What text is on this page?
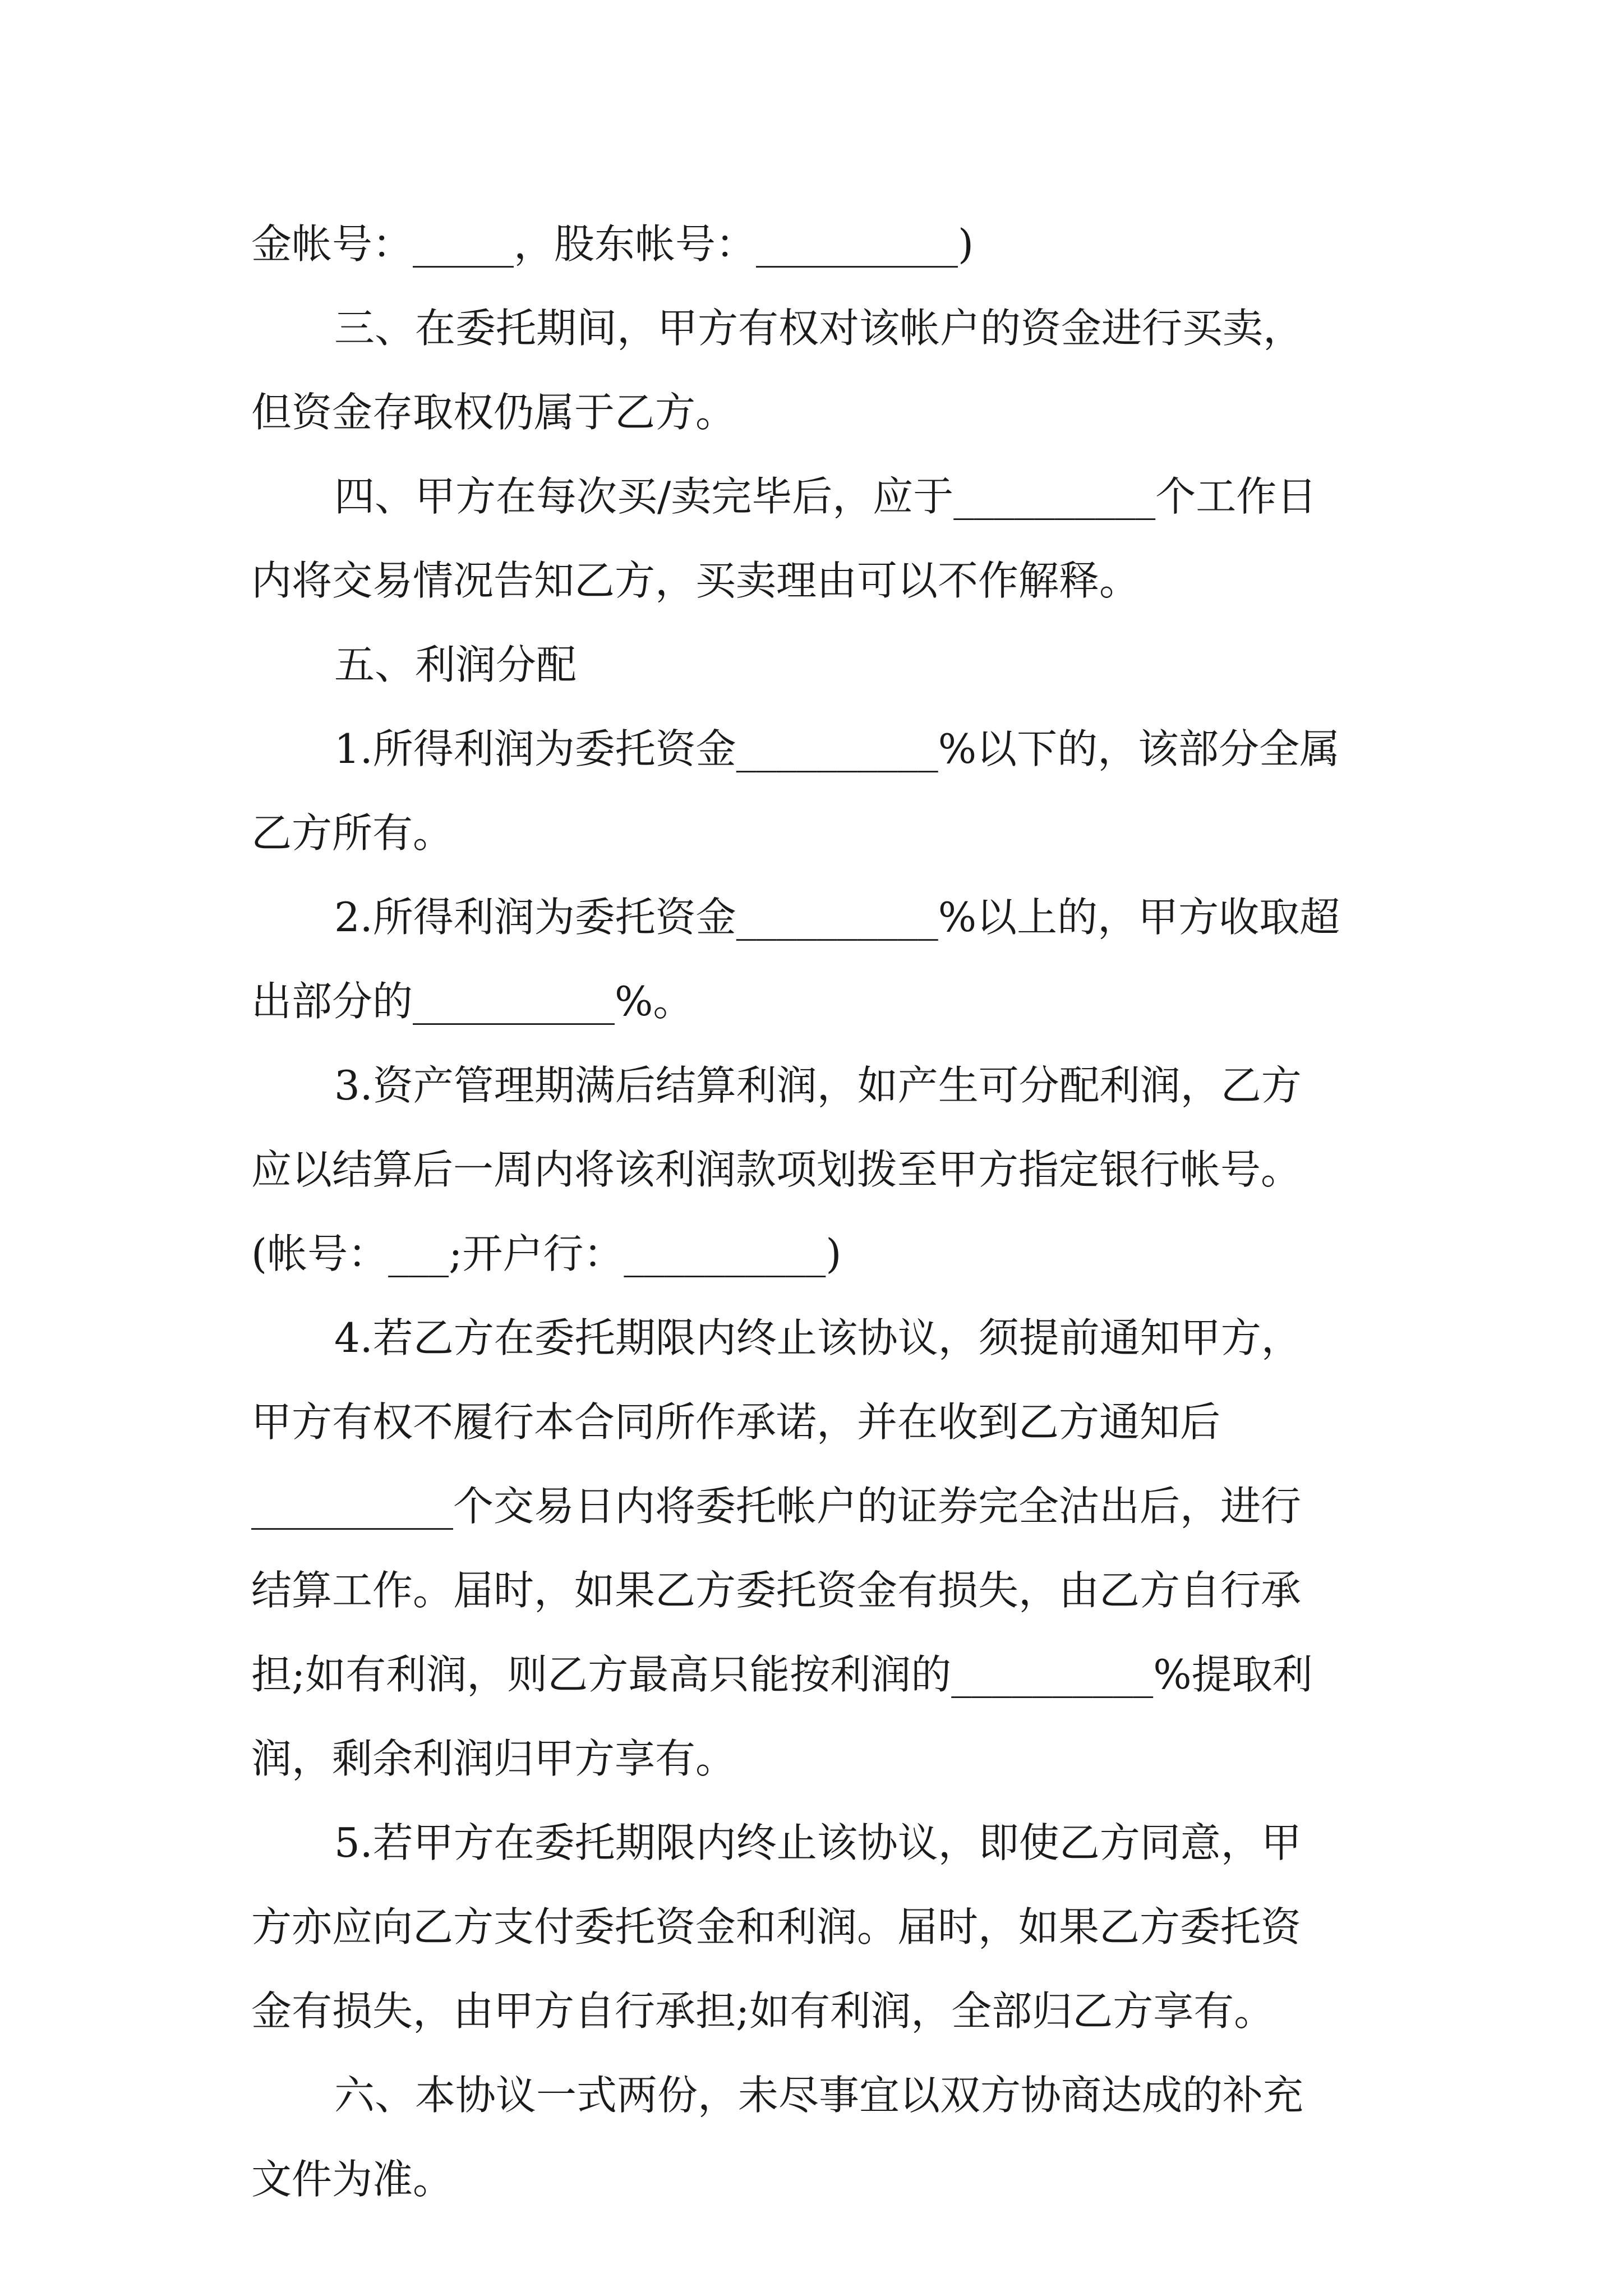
金帐号：_____，股东帐号：__________)
三、在委托期间，甲方有权对该帐户的资金进行买卖，
但资金存取权仍属于乙方。
四、甲方在每次买/卖完毕后，应于__________个工作日
内将交易情况告知乙方，买卖理由可以不作解释。
五、利润分配
1.所得利润为委托资金__________%以下的，该部分全属
乙方所有。
2.所得利润为委托资金__________%以上的，甲方收取超
出部分的__________%。
3.资产管理期满后结算利润，如产生可分配利润，乙方
应以结算后一周内将该利润款项划拨至甲方指定银行帐号。
(帐号：___;开户行：__________)
4.若乙方在委托期限内终止该协议，须提前通知甲方，
甲方有权不履行本合同所作承诺，并在收到乙方通知后
__________个交易日内将委托帐户的证券完全沽出后，进行
结算工作。届时，如果乙方委托资金有损失，由乙方自行承
担;如有利润，则乙方最高只能按利润的__________%提取利
润，剩余利润归甲方享有。
5.若甲方在委托期限内终止该协议，即使乙方同意，甲
方亦应向乙方支付委托资金和利润。届时，如果乙方委托资
金有损失，由甲方自行承担;如有利润，全部归乙方享有。
六、本协议一式两份，未尽事宜以双方协商达成的补充
文件为准。
